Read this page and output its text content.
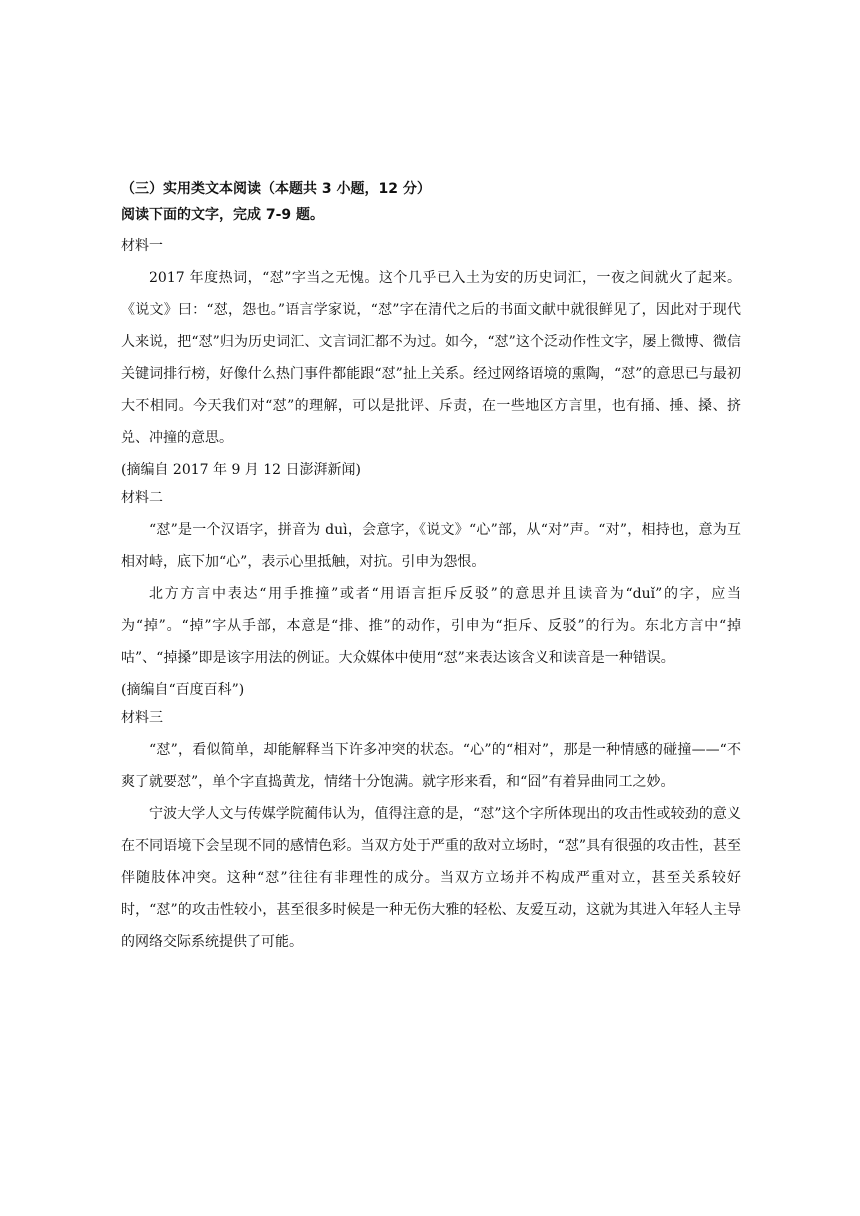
（三）实用类文本阅读（本题共 3 小题，12 分）

阅读下面的文字，完成 7-9 题。

材料一

2017 年度热词，“怼”字当之无愧。这个几乎已入土为安的历史词汇，一夜之间就火了起来。《说文》曰：“怼，怨也。”语言学家说，“怼”字在清代之后的书面文献中就很鲜见了，因此对于现代人来说，把“怼”归为历史词汇、文言词汇都不为过。如今，“怼”这个泛动作性文字，屡上微博、微信关键词排行榜，好像什么热门事件都能跟“怼”扯上关系。经过网络语境的熏陶，“怼”的意思已与最初大不相同。今天我们对“怼”的理解，可以是批评、斥责，在一些地区方言里，也有捅、捶、搡、挤兑、冲撞的意思。

(摘编自 2017 年 9 月 12 日澎湃新闻)

材料二

“怼”是一个汉语字，拼音为 duì，会意字，《说文》“心”部，从“对”声。“对”，相持也，意为互相对峙，底下加“心”，表示心里抵触，对抗。引申为怨恨。

北方方言中表达“用手推撞”或者“用语言拒斥反驳”的意思并且读音为“duǐ”的字，应当为“掉”。“掉”字从手部，本意是“排、推”的动作，引申为“拒斥、反驳”的行为。东北方言中“掉咕”、“掉搡”即是该字用法的例证。大众媒体中使用“怼”来表达该含义和读音是一种错误。

(摘编自“百度百科”)

材料三

“怼”，看似简单，却能解释当下许多冲突的状态。“心”的“相对”，那是一种情感的碰撞——“不爽了就要怼”，单个字直捣黄龙，情绪十分饱满。就字形来看，和“囧”有着异曲同工之妙。

宁波大学人文与传媒学院蔺伟认为，值得注意的是，“怼”这个字所体现出的攻击性或较劲的意义在不同语境下会呈现不同的感情色彩。当双方处于严重的敌对立场时，“怼”具有很强的攻击性，甚至伴随肢体冲突。这种“怼”往往有非理性的成分。当双方立场并不构成严重对立，甚至关系较好时，“怼”的攻击性较小，甚至很多时候是一种无伤大雅的轻松、友爱互动，这就为其进入年轻人主导的网络交际系统提供了可能。
